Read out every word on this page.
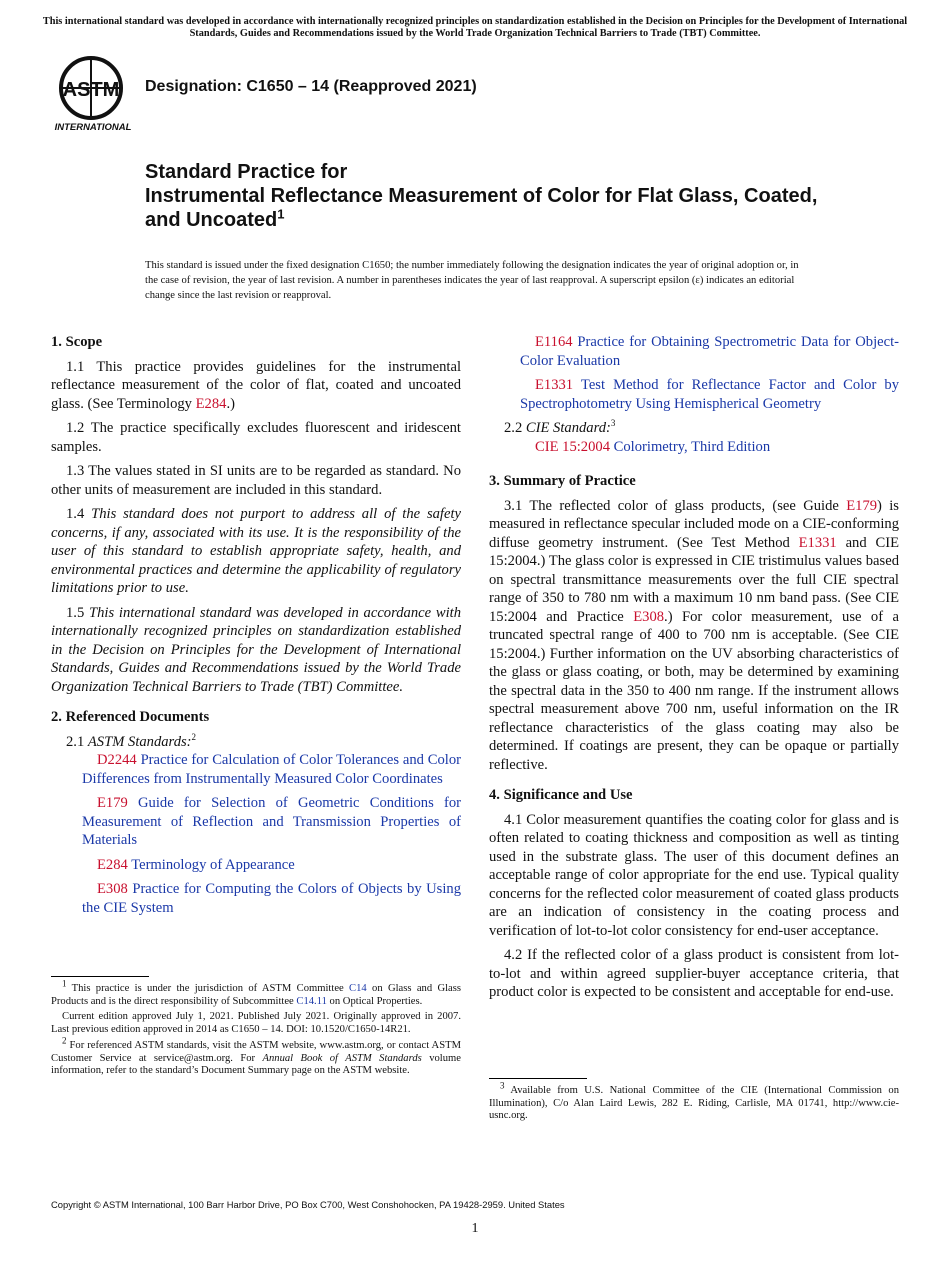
This international standard was developed in accordance with internationally recognized principles on standardization established in the Decision on Principles for the Development of International Standards, Guides and Recommendations issued by the World Trade Organization Technical Barriers to Trade (TBT) Committee.
ASTM
INTERNATIONAL
Designation: C1650 – 14 (Reapproved 2021)
Standard Practice for
Instrumental Reflectance Measurement of Color for Flat Glass, Coated, and Uncoated$^1$
This standard is issued under the fixed designation C1650; the number immediately following the designation indicates the year of original adoption or, in the case of revision, the year of last revision. A number in parentheses indicates the year of last reapproval. A superscript epsilon (ε) indicates an editorial change since the last revision or reapproval.
1. Scope

1.1 This practice provides guidelines for the instrumental reflectance measurement of the color of flat, coated and uncoated glass. (See Terminology E284.)

1.2 The practice specifically excludes fluorescent and iridescent samples.

1.3 The values stated in SI units are to be regarded as standard. No other units of measurement are included in this standard.

1.4 This standard does not purport to address all of the safety concerns, if any, associated with its use. It is the responsibility of the user of this standard to establish appropriate safety, health, and environmental practices and determine the applicability of regulatory limitations prior to use.

1.5 This international standard was developed in accordance with internationally recognized principles on standardization established in the Decision on Principles for the Development of International Standards, Guides and Recommendations issued by the World Trade Organization Technical Barriers to Trade (TBT) Committee.

2. Referenced Documents

2.1 ASTM Standards:$^2$

D2244 Practice for Calculation of Color Tolerances and Color Differences from Instrumentally Measured Color Coordinates

E179 Guide for Selection of Geometric Conditions for Measurement of Reflection and Transmission Properties of Materials

E284 Terminology of Appearance

E308 Practice for Computing the Colors of Objects by Using the CIE System

$^1$ This practice is under the jurisdiction of ASTM Committee C14 on Glass and Glass Products and is the direct responsibility of Subcommittee C14.11 on Optical Properties.

Current edition approved July 1, 2021. Published July 2021. Originally approved in 2007. Last previous edition approved in 2014 as C1650 – 14. DOI: 10.1520/C1650-14R21.

$^2$ For referenced ASTM standards, visit the ASTM website, www.astm.org, or contact ASTM Customer Service at service@astm.org. For Annual Book of ASTM Standards volume information, refer to the standard’s Document Summary page on the ASTM website.

E1164 Practice for Obtaining Spectrometric Data for Object-Color Evaluation

E1331 Test Method for Reflectance Factor and Color by Spectrophotometry Using Hemispherical Geometry

2.2 CIE Standard:$^3$

CIE 15:2004 Colorimetry, Third Edition

3. Summary of Practice

3.1 The reflected color of glass products, (see Guide E179) is measured in reflectance specular included mode on a CIE-conforming diffuse geometry instrument. (See Test Method E1331 and CIE 15:2004.) The glass color is expressed in CIE tristimulus values based on spectral transmittance measurements over the full CIE spectral range of 350 to 780 nm with a maximum 10 nm band pass. (See CIE 15:2004 and Practice E308.) For color measurement, use of a truncated spectral range of 400 to 700 nm is acceptable. (See CIE 15:2004.) Further information on the UV absorbing characteristics of the glass or glass coating, or both, may be determined by examining the spectral data in the 350 to 400 nm range. If the instrument allows spectral measurement above 700 nm, useful information on the IR reflectance characteristics of the glass coating may also be determined. If coatings are present, they can be opaque or partially reflective.

4. Significance and Use

4.1 Color measurement quantifies the coating color for glass and is often related to coating thickness and composition as well as tinting used in the substrate glass. The user of this document defines an acceptable range of color appropriate for the end use. Typical quality concerns for the reflected color measurement of coated glass products are an indication of consistency in the coating process and verification of lot-to-lot color consistency for end-user acceptance.

4.2 If the reflected color of a glass product is consistent from lot-to-lot and within agreed supplier-buyer acceptance criteria, that product color is expected to be consistent and acceptable for end-use.

$^3$ Available from U.S. National Committee of the CIE (International Commission on Illumination), C/o Alan Laird Lewis, 282 E. Riding, Carlisle, MA 01741, http://www.cie-usnc.org.

Copyright © ASTM International, 100 Barr Harbor Drive, PO Box C700, West Conshohocken, PA 19428-2959. United States
1
